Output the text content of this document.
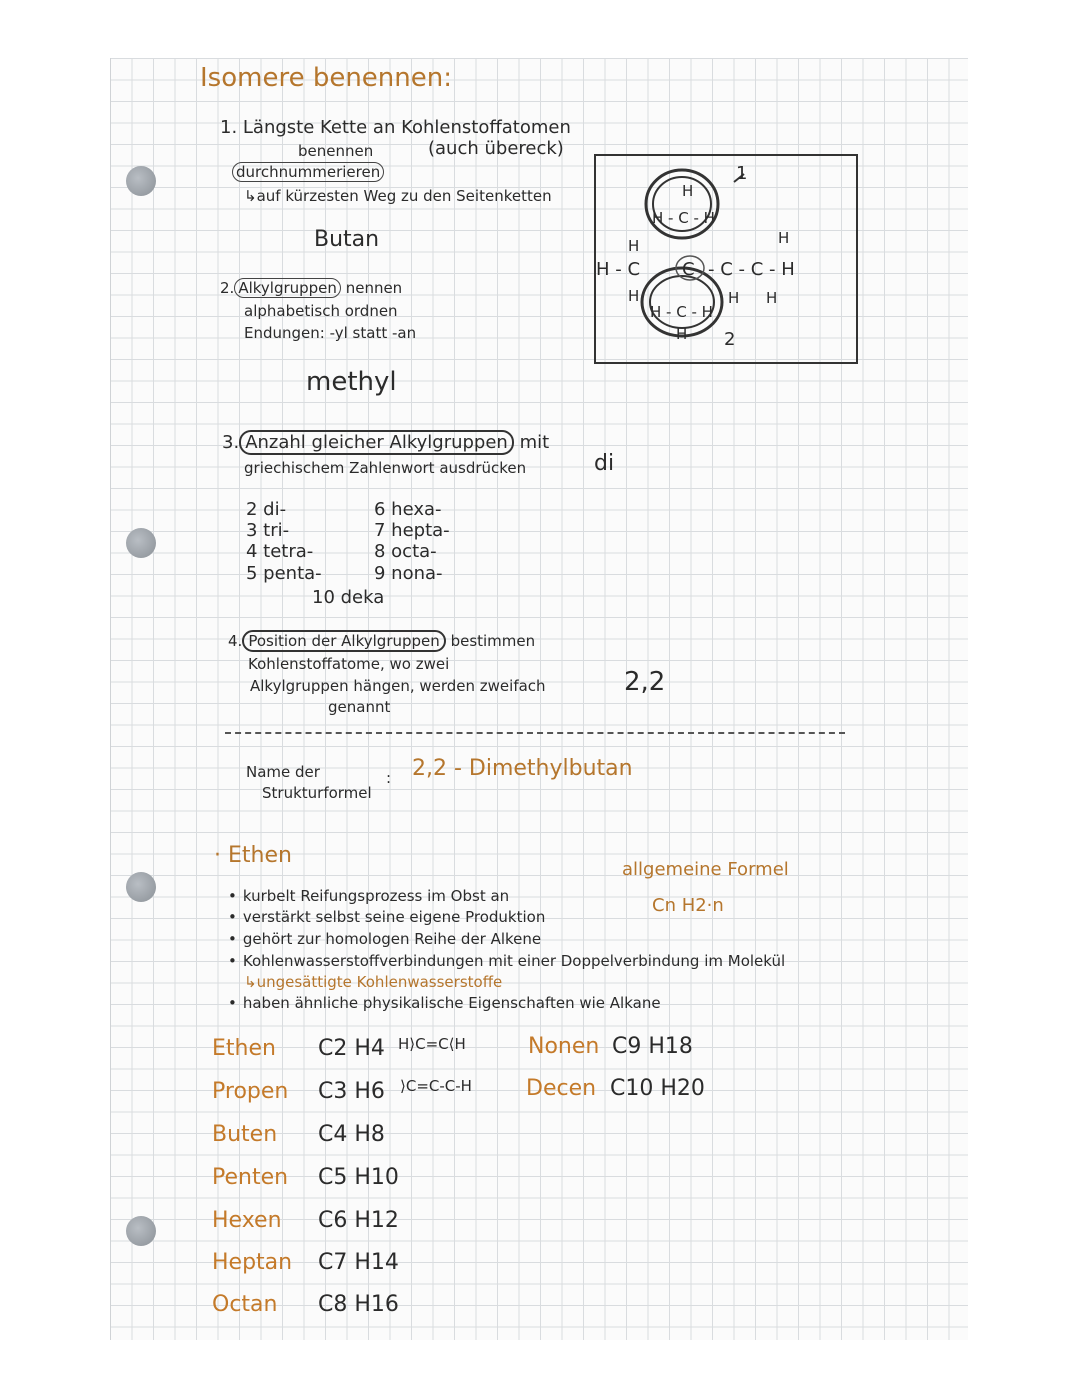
Isomere benennen:
1. Längste Kette an Kohlenstoffatomen
benennen	(auch übereck)
durchnummerieren
↳auf kürzesten Weg zu den Seitenketten
Butan
2. Alkylgruppen nennen
alphabetisch ordnen
Endungen: -yl statt -an
methyl
3. Anzahl gleicher Alkylgruppen mit
griechischem Zahlenwort ausdrücken	di
2 di-
3 tri-
4 tetra-
5 penta-
6 hexa-
7 hepta-
8 octa-
9 nona-
10 deka
4. Position der Alkylgruppen bestimmen
Kohlenstoffatome, wo zwei
Alkylgruppen hängen, werden zweifach
genannt
2,2
Name der
Strukturformel
: 2,2 - Dimethylbutan
H
H - C - H
H
H - C
H
C - C - C - H
H
H H
H - C - H
H
1
2
· Ethen
allgemeine Formel
Cn H2·n
• kurbelt Reifungsprozess im Obst an
• verstärkt selbst seine eigene Produktion
• gehört zur homologen Reihe der Alkene
• Kohlenwasserstoffverbindungen mit einer Doppelverbindung im Molekül
↳ungesättigte Kohlenwasserstoffe
• haben ähnliche physikalische Eigenschaften wie Alkane
Ethen C2 H4 H⟩C=C⟨H
Propen C3 H6 ⟩C=C-C-H
Buten C4 H8
Penten C5 H10
Hexen C6 H12
Heptan C7 H14
Octan C8 H16
Nonen C9 H18
Decen C10 H20
